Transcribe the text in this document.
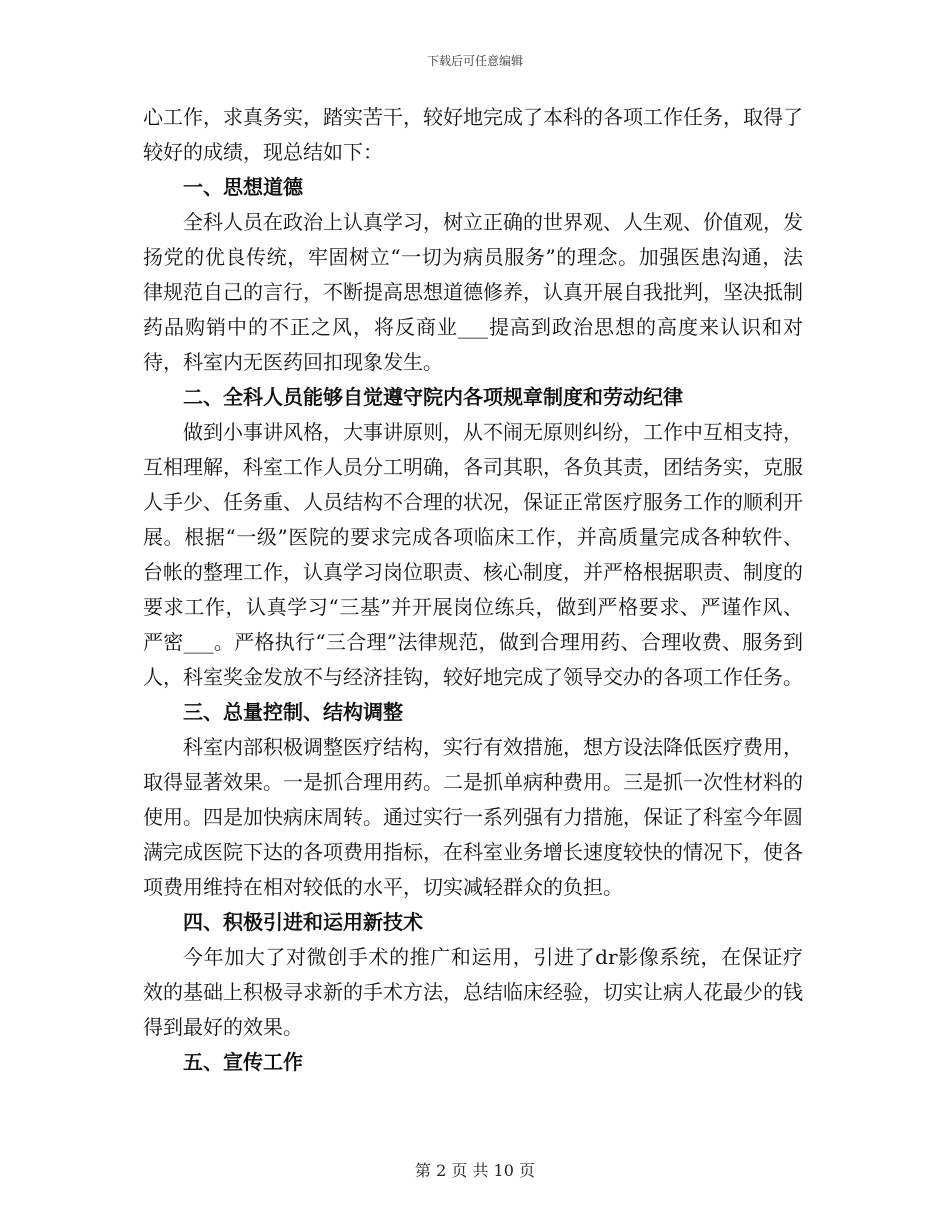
下载后可任意编辑

心工作，求真务实，踏实苦干，较好地完成了本科的各项工作任务，取得了较好的成绩，现总结如下：

一、思想道德

全科人员在政治上认真学习，树立正确的世界观、人生观、价值观，发扬党的优良传统，牢固树立“一切为病员服务”的理念。加强医患沟通，法律规范自己的言行，不断提高思想道德修养，认真开展自我批判，坚决抵制药品购销中的不正之风，将反商业___提高到政治思想的高度来认识和对待，科室内无医药回扣现象发生。

二、全科人员能够自觉遵守院内各项规章制度和劳动纪律

做到小事讲风格，大事讲原则，从不闹无原则纠纷，工作中互相支持，互相理解，科室工作人员分工明确，各司其职，各负其责，团结务实，克服人手少、任务重、人员结构不合理的状况，保证正常医疗服务工作的顺利开展。根据“一级”医院的要求完成各项临床工作，并高质量完成各种软件、台帐的整理工作，认真学习岗位职责、核心制度，并严格根据职责、制度的要求工作，认真学习“三基”并开展岗位练兵，做到严格要求、严谨作风、严密___。严格执行“三合理”法律规范，做到合理用药、合理收费、服务到人，科室奖金发放不与经济挂钩，较好地完成了领导交办的各项工作任务。

三、总量控制、结构调整

科室内部积极调整医疗结构，实行有效措施，想方设法降低医疗费用，取得显著效果。一是抓合理用药。二是抓单病种费用。三是抓一次性材料的使用。四是加快病床周转。通过实行一系列强有力措施，保证了科室今年圆满完成医院下达的各项费用指标，在科室业务增长速度较快的情况下，使各项费用维持在相对较低的水平，切实减轻群众的负担。

四、积极引进和运用新技术

今年加大了对微创手术的推广和运用，引进了dr影像系统，在保证疗效的基础上积极寻求新的手术方法，总结临床经验，切实让病人花最少的钱得到最好的效果。

五、宣传工作
第 2 页 共 10 页
